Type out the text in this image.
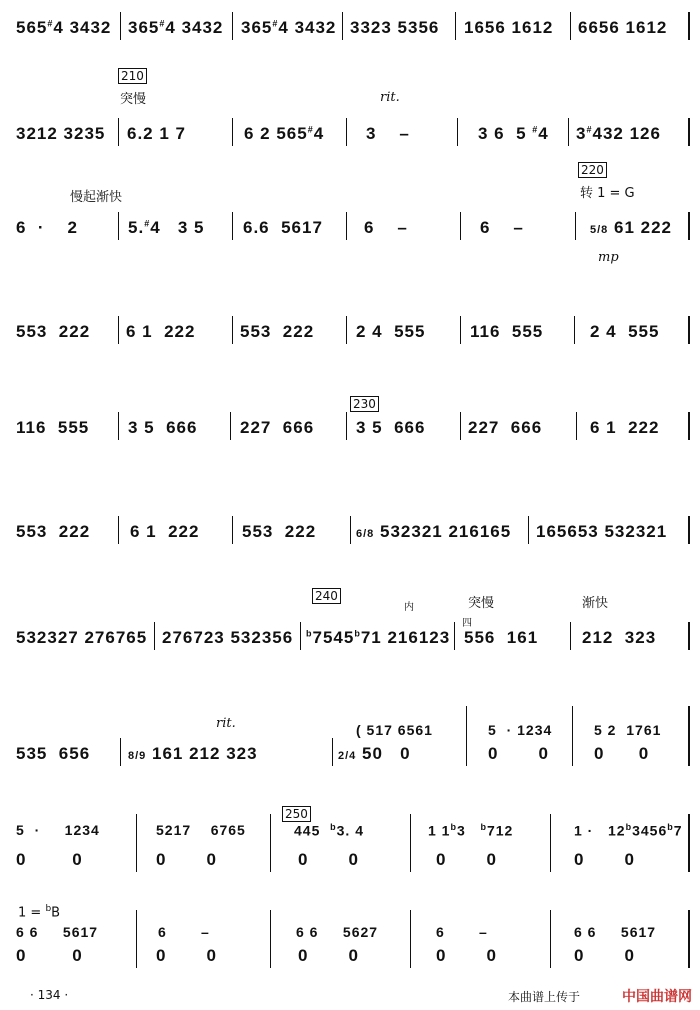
565#4 3432 365#4 3432 365#4 3432 3323 5356 1656 1612 6656 1612
210
突慢	rit.
3212 3235 6.2 1 7	6 2 565#4 3    –	3 6  5 #4 3#432 126
慢起渐快
220
转 1 = G
6  ·    2	5.#4   3 5 6.6  5617 6    –	6    –	5/8 61 222
mp
553  222 6 1  222	553  222 2 4  555	116  555	2 4  555
230
116  555 3 5  666	227  666 3 5  666	227  666	6 1  222
553  222 6 1  222	553  222	6/8 532321 216165 165653 532321
240
内
四
突慢	渐快
532327 276765 276723 532356 $^b$7545$^b$71 216123 556  161	212  323
rit.
535  656	8/9 161 212 323	2/4 50   0	0       0	0      0
( 517 6561	5  · 1234	5 2  1761
250
5  ·     1234	5217    6765	445  $^b$3. 4	1 1$^b$3   $^b$712	1 ·   12$^b$3456$^b$7
0        0	0       0	0       0	0       0	0       0
1 = $^b$B
6 6     5617	6       –	6 6     5627	6       –	6 6     5617
0        0	0       0	0       0	0       0	0       0
· 134 ·	本曲谱上传于	中国曲谱网
